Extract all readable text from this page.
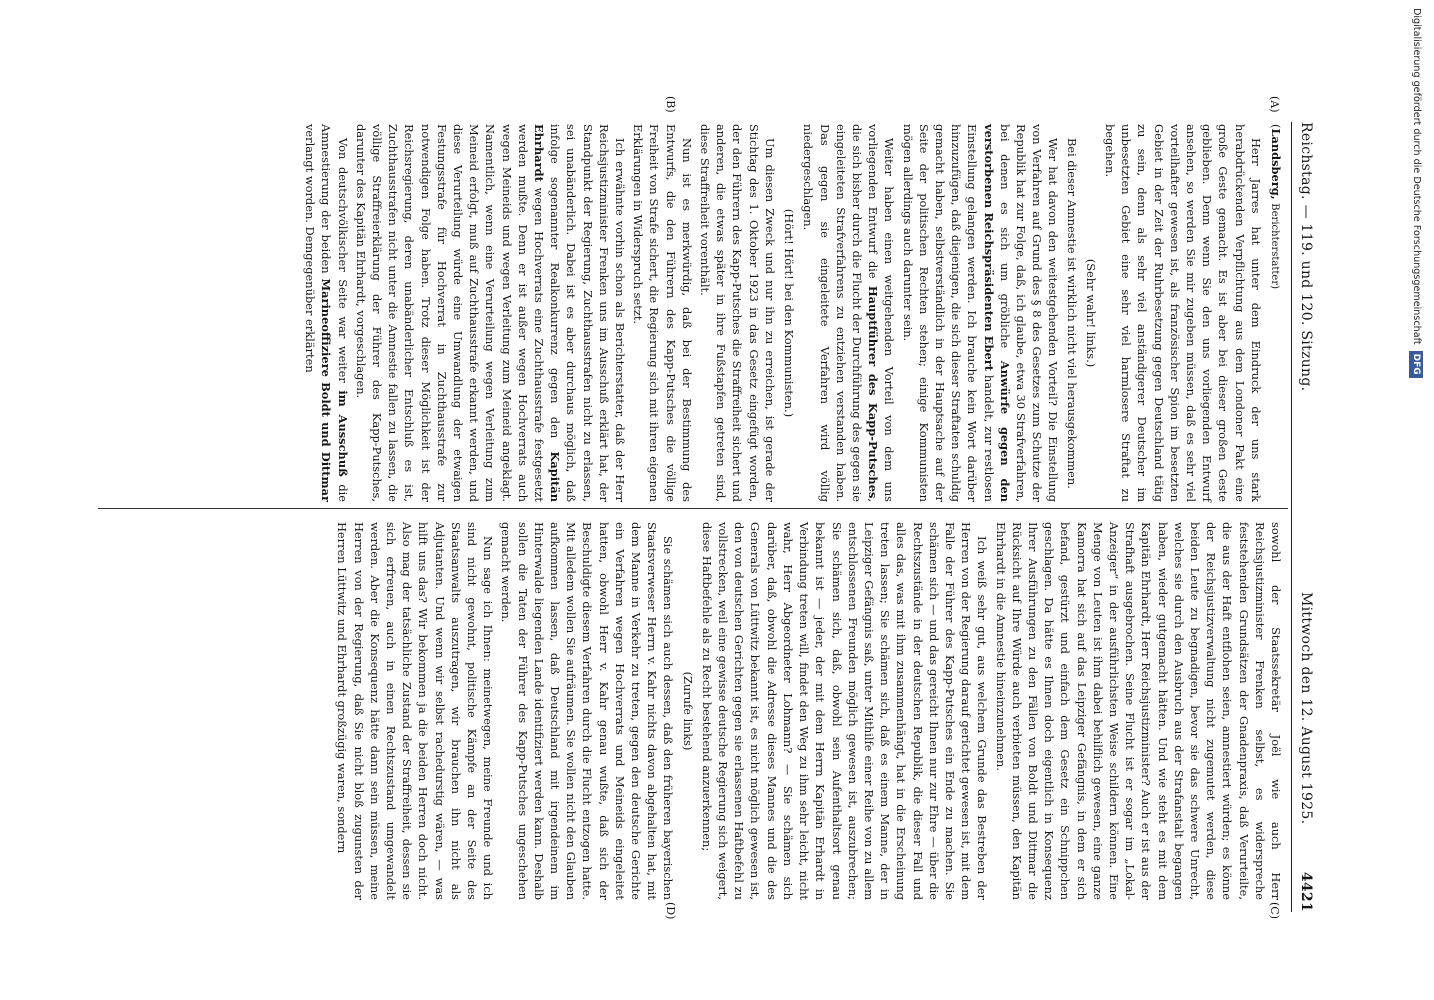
Reichstag. — 119. und 120. Sitzung.
Mittwoch den 12. August 1925.
4421
(A)
(B)
(C)
(D)

(Landsberg, Berichterstatter)

Herr Jarres hat unter dem Eindruck der uns stark herabdrückenden Verpflichtung aus dem Londoner Pakt eine große Geste gemacht. Es ist aber bei dieser großen Geste geblieben. Denn wenn Sie den uns vorliegenden Entwurf ansehen, so werden Sie mir zugeben müssen, daß es sehr viel vorteilhafter gewesen ist, als französischer Spion im besetzten Gebiet in der Zeit der Ruhrbesetzung gegen Deutschland tätig zu sein, denn als sehr viel anständigerer Deutscher im unbesetzten Gebiet eine sehr viel harmlosere Straftat zu begehen.

(Sehr wahr! links.)

Bei dieser Amnestie ist wirklich nicht viel herausgekommen.

Wer hat davon den weitestgehenden Vorteil? Die Einstellung von Verfahren auf Grund des § 8 des Gesetzes zum Schutze der Republik hat zur Folge, daß, ich glaube, etwa 30 Strafverfahren, bei denen es sich um gröbliche Anwürfe gegen den verstorbenen Reichspräsidenten Ebert handelt, zur restlosen Einstellung gelangen werden. Ich brauche kein Wort darüber hinzuzufügen, daß diejenigen, die sich dieser Straftaten schuldig gemacht haben, selbstverständlich in der Hauptsache auf der Seite der politischen Rechten stehen; einige Kommunisten mögen allerdings auch darunter sein.

Weiter haben einen weitgehenden Vorteil von dem uns vorliegenden Entwurf die Hauptführer des Kapp-Putsches, die sich bisher durch die Flucht der Durchführung des gegen sie eingeleiteten Strafverfahrens zu entziehen verstanden haben. Das gegen sie eingeleitete Verfahren wird völlig niedergeschlagen.

(Hört! Hört! bei den Kommunisten.)

Um diesen Zweck und nur ihn zu erreichen, ist gerade der Stichtag des 1. Oktober 1923 in das Gesetz eingefügt worden, der den Führern des Kapp-Putsches die Straffreiheit sichert und anderen, die etwas später in ihre Fußstapfen getreten sind, diese Straffreiheit vorenthält.

Nun ist es merkwürdig, daß bei der Bestimmung des Entwurfs, die den Führern des Kapp-Putsches die völlige Freiheit von Strafe sichert, die Regierung sich mit ihren eigenen Erklärungen in Widerspruch setzt.

Ich erwähnte vorhin schon als Berichterstatter, daß der Herr Reichsjustizminister Frenken uns im Ausschuß erklärt hat, der Standpunkt der Regierung, Zuchthausstrafen nicht zu erlassen, sei unabänderlich. Dabei ist es aber durchaus möglich, daß infolge sogenannter Realkonkurrenz gegen den Kapitän Ehrhardt wegen Hochverrats eine Zuchthausstrafe festgesetzt werden mußte. Denn er ist außer wegen Hochverrats auch wegen Meineids und wegen Verleitung zum Meineid angeklagt. Namentlich, wenn eine Verurteilung wegen Verleitung zum Meineid erfolgt, muß auf Zuchthausstrafe erkannt werden, und diese Verurteilung würde eine Umwandlung der etwaigen Festungsstrafe für Hochverrat in Zuchthausstrafe zur notwendigen Folge haben. Trotz dieser Möglichkeit ist der Reichsregierung, deren unabänderlicher Entschluß es ist, Zuchthausstrafen nicht unter die Amnestie fallen zu lassen, die völlige Straffreierklärung der Führer des Kapp-Putsches, darunter des Kapitän Ehrhardt, vorgeschlagen.

Von deutschvölkischer Seite war weiter im Ausschuß die Amnestierung der beiden Marineoffiziere Boldt und Dittmar verlangt worden. Demgegenüber erklärten

sowohl der Staatssekretär Joël wie auch Herr Reichsjustizminister Frenken selbst, es widerspreche feststehenden Grundsätzen der Gnadenpraxis, daß Verurteilte, die aus der Haft entflohen seien, amnestiert würden; es könne der Reichsjustizverwaltung nicht zugemutet werden, diese beiden Leute zu begnadigen, bevor sie das schwere Unrecht, welches sie durch den Ausbruch aus der Strafanstalt begangen haben, wieder gutgemacht hätten. Und wie steht es mit dem Kapitän Ehrhardt, Herr Reichsjustizminister? Auch er ist aus der Strafhaft ausgebrochen. Seine Flucht ist er sogar im „Lokal-Anzeiger“ in der ausführlichsten Weise schildern können. Eine Menge von Leuten ist ihm dabei behilflich gewesen, eine ganze Kamorra hat sich auf das Leipziger Gefängnis, in dem er sich befand, gestürzt und einfach dem Gesetz ein Schnippchen geschlagen. Da hätte es Ihnen doch eigentlich in Konsequenz Ihrer Ausführungen zu den Fällen von Boldt und Dittmar die Rücksicht auf Ihre Würde auch verbieten müssen, den Kapitän Ehrhardt in die Amnestie hineinzunehmen.

Ich weiß sehr gut, aus welchem Grunde das Bestreben der Herren von der Regierung darauf gerichtet gewesen ist, mit dem Falle der Führer des Kapp-Putsches ein Ende zu machen. Sie schämen sich — und das gereicht Ihnen nur zur Ehre — über die Rechtszustände in der deutschen Republik, die dieser Fall und alles das, was mit ihm zusammenhängt, hat in die Erscheinung treten lassen; Sie schämen sich, daß es einem Manne, der in Leipziger Gefängnis saß, unter Mithilfe einer Reihe von zu allem entschlossenen Freunden möglich gewesen ist, auszubrechen; Sie schämen sich, daß, obwohl sein Aufenthaltsort genau bekannt ist — jeder, der mit dem Herrn Kapitän Erhardt in Verbindung treten will, findet den Weg zu ihm sehr leicht, nicht wahr, Herr Abgeordneter Lohmann? — Sie schämen sich darüber, daß, obwohl die Adresse dieses Mannes und die des Generals von Lüttwitz bekannt ist, es nicht möglich gewesen ist, den von deutschen Gerichten gegen sie erlassenen Haftbefehl zu vollstrecken, weil eine gewisse deutsche Regierung sich weigert, diese Haftbefehle als zu Recht bestehend anzuerkennen;

(Zurufe links)

Sie schämen sich auch dessen, daß den früheren bayerischen Staatsverweser Herrn v. Kahr nichts davon abgehalten hat, mit dem Manne in Verkehr zu treten, gegen den deutsche Gerichte ein Verfahren wegen Hochverrats und Meineids eingeleitet hatten, obwohl Herr v. Kahr genau wußte, daß sich der Beschuldigte diesem Verfahren durch die Flucht entzogen hatte. Mit alledem wollen Sie aufräumen. Sie wollen nicht den Glauben aufkommen lassen, daß Deutschland mit irgendeinem im Hinterwalde liegenden Lande identifiziert werden kann. Deshalb sollen die Taten der Führer des Kapp-Putsches ungeschehen gemacht werden.

Nun sage ich Ihnen: meinetwegen, meine Freunde und ich sind nicht gewohnt, politische Kämpfe an der Seite des Staatsanwalts auszutragen, wir brauchen ihn nicht als Adjutanten. Und wenn wir selbst rachedurstig wären, — was hilft uns das? Wir bekommen ja die beiden Herren doch nicht. Also mag der tatsächliche Zustand der Straffreiheit, dessen sie sich erfreuen, auch in einen Rechtszustand umgewandelt werden. Aber die Konsequenz hätte dann sein müssen, meine Herren von der Regierung, daß Sie nicht bloß zugunsten der Herren Lüttwitz und Ehrhardt großzügig waren, sondern

Digitalisierung gefördert durch die Deutsche Forschungsgemeinschaft DFG
